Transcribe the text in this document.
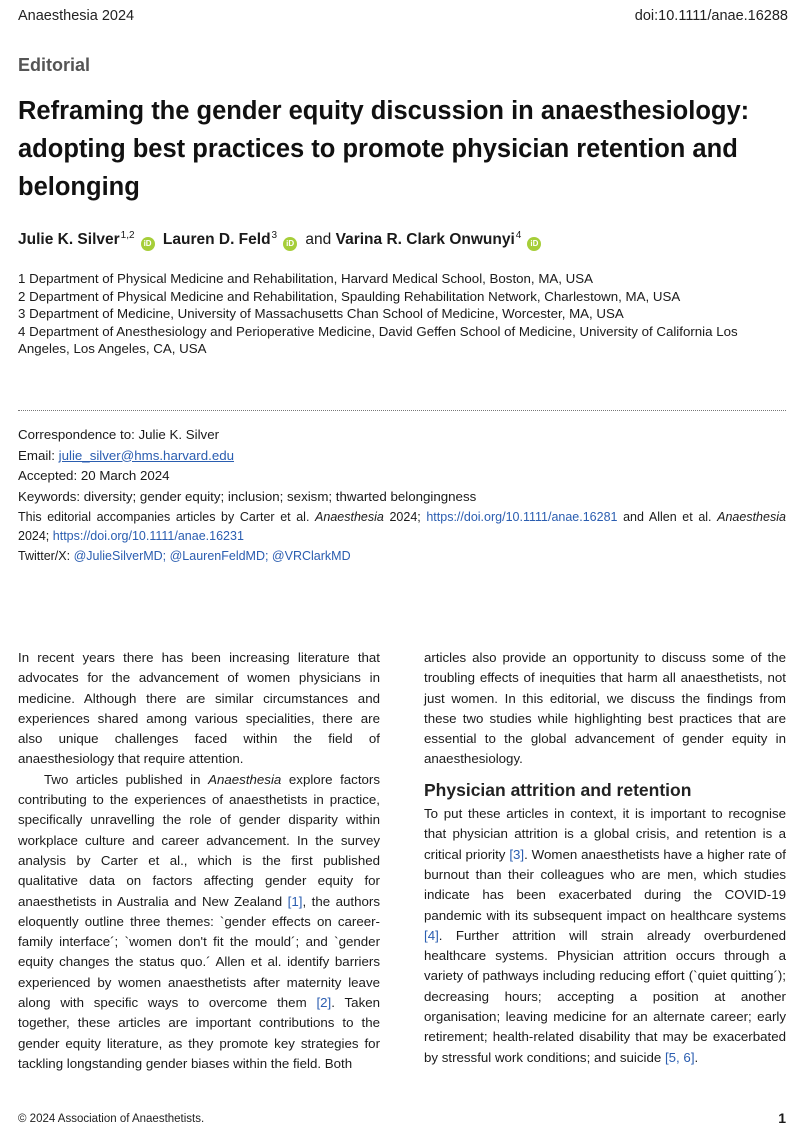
Anaesthesia 2024	doi:10.1111/anae.16288
Editorial
Reframing the gender equity discussion in anaesthesiology: adopting best practices to promote physician retention and belonging
Julie K. Silver$^{1,2}$iD Lauren D. Feld$^3$iD and Varina R. Clark Onwunyi$^4$iD
1 Department of Physical Medicine and Rehabilitation, Harvard Medical School, Boston, MA, USA
2 Department of Physical Medicine and Rehabilitation, Spaulding Rehabilitation Network, Charlestown, MA, USA
3 Department of Medicine, University of Massachusetts Chan School of Medicine, Worcester, MA, USA
4 Department of Anesthesiology and Perioperative Medicine, David Geffen School of Medicine, University of California Los Angeles, Los Angeles, CA, USA
Correspondence to: Julie K. Silver
Email: julie_silver@hms.harvard.edu
Accepted: 20 March 2024
Keywords: diversity; gender equity; inclusion; sexism; thwarted belongingness
This editorial accompanies articles by Carter et al. Anaesthesia 2024; https://doi.org/10.1111/anae.16281 and Allen et al. Anaesthesia 2024; https://doi.org/10.1111/anae.16231
Twitter/X: @JulieSilverMD; @LaurenFeldMD; @VRClarkMD

In recent years there has been increasing literature that advocates for the advancement of women physicians in medicine. Although there are similar circumstances and experiences shared among various specialities, there are also unique challenges faced within the field of anaesthesiology that require attention.

Two articles published in Anaesthesia explore factors contributing to the experiences of anaesthetists in practice, specifically unravelling the role of gender disparity within workplace culture and career advancement. In the survey analysis by Carter et al., which is the first published qualitative data on factors affecting gender equity for anaesthetists in Australia and New Zealand [1], the authors eloquently outline three themes: `gender effects on career-family interface´; `women don't fit the mould´; and `gender equity changes the status quo.´ Allen et al. identify barriers experienced by women anaesthetists after maternity leave along with specific ways to overcome them [2]. Taken together, these articles are important contributions to the gender equity literature, as they promote key strategies for tackling longstanding gender biases within the field. Both

articles also provide an opportunity to discuss some of the troubling effects of inequities that harm all anaesthetists, not just women. In this editorial, we discuss the findings from these two studies while highlighting best practices that are essential to the global advancement of gender equity in anaesthesiology.

Physician attrition and retention

To put these articles in context, it is important to recognise that physician attrition is a global crisis, and retention is a critical priority [3]. Women anaesthetists have a higher rate of burnout than their colleagues who are men, which studies indicate has been exacerbated during the COVID-19 pandemic with its subsequent impact on healthcare systems [4]. Further attrition will strain already overburdened healthcare systems. Physician attrition occurs through a variety of pathways including reducing effort (`quiet quitting´); decreasing hours; accepting a position at another organisation; leaving medicine for an alternate career; early retirement; health-related disability that may be exacerbated by stressful work conditions; and suicide [5, 6].

© 2024 Association of Anaesthetists.	1
